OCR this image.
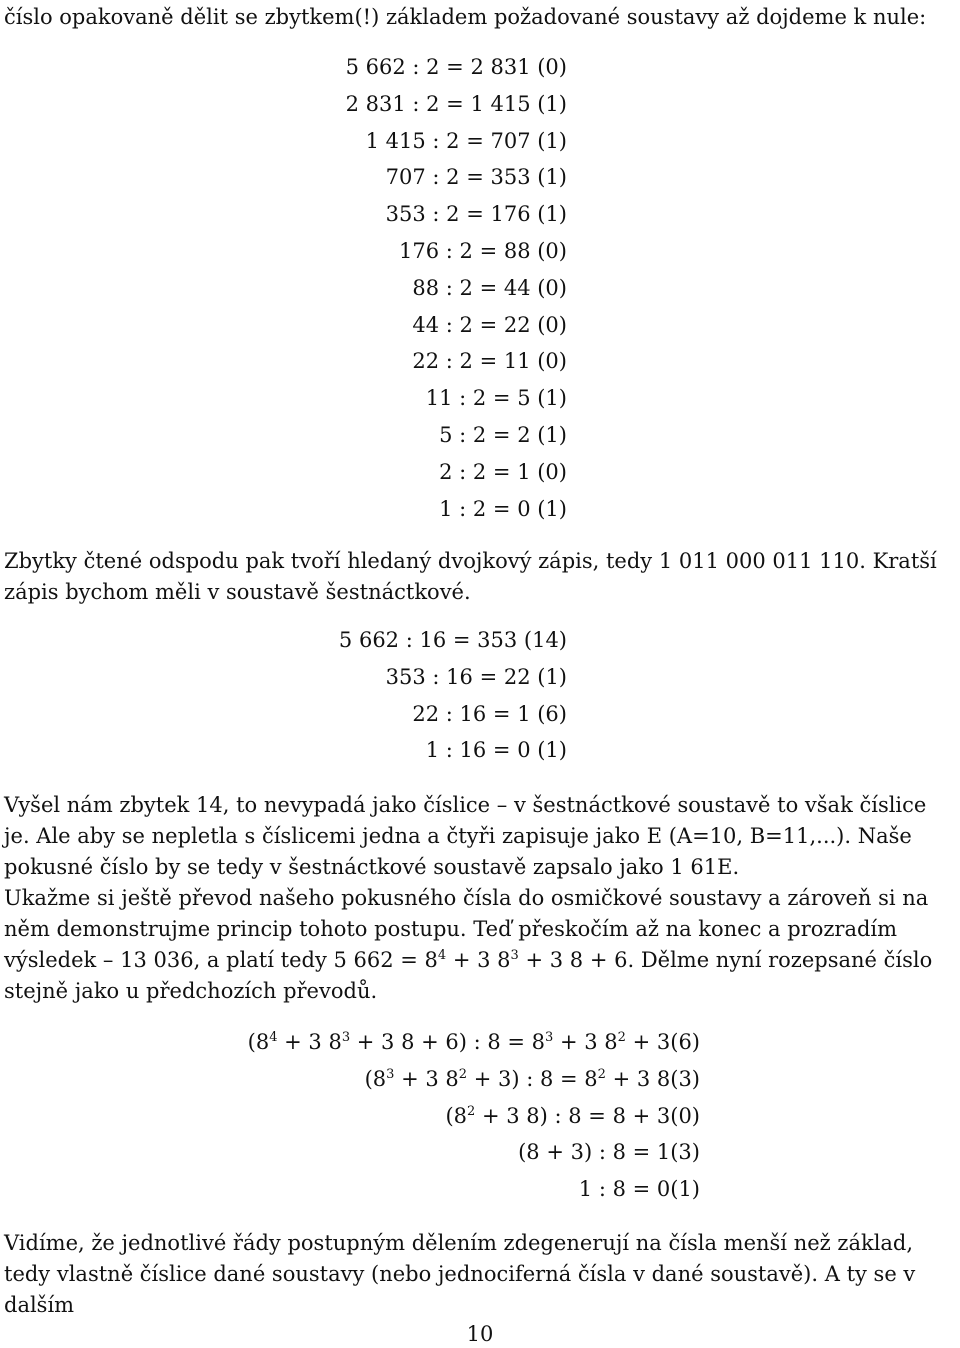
číslo opakovaně dělit se zbytkem(!) základem požadované soustavy až dojdeme k nule:

5 662 : 2 = 2 831 (0)
2 831 : 2 = 1 415 (1)
1 415 : 2 = 707 (1)
707 : 2 = 353 (1)
353 : 2 = 176 (1)
176 : 2 = 88 (0)
88 : 2 = 44 (0)
44 : 2 = 22 (0)
22 : 2 = 11 (0)
11 : 2 = 5 (1)
5 : 2 = 2 (1)
2 : 2 = 1 (0)
1 : 2 = 0 (1)

Zbytky čtené odspodu pak tvoří hledaný dvojkový zápis, tedy 1 011 000 011 110. Kratší zápis bychom měli v soustavě šestnáctkové.

5 662 : 16 = 353 (14)
353 : 16 = 22 (1)
22 : 16 = 1 (6)
1 : 16 = 0 (1)

Vyšel nám zbytek 14, to nevypadá jako číslice – v šestnáctkové soustavě to však číslice je. Ale aby se nepletla s číslicemi jedna a čtyři zapisuje jako E (A=10, B=11,...). Naše pokusné číslo by se tedy v šestnáctkové soustavě zapsalo jako 1 61E.

Ukažme si ještě převod našeho pokusného čísla do osmičkové soustavy a zároveň si na něm demonstrujme princip tohoto postupu. Teď přeskočím až na konec a prozradím výsledek – 13 036, a platí tedy 5 $662 = 8^4 + 3$ $8^3 + 3$ 8 + 6. Dělme nyní rozepsané číslo stejně jako u předchozích převodů.

($8^4 + 3$ $8^3 + 3$ 8 + 6) : $8 = 8^3 + 3$ $8^2 + 3(6)$
($8^3 + 3$ $8^2 + 3$) : $8 = 8^2 + 3$ 8(3)
($8^2 + 3$ 8) : 8 = 8 + 3(0)
(8 + 3) : 8 = 1(3)
1 : 8 = 0(1)

Vidíme, že jednotlivé řády postupným dělením zdegenerují na čísla menší než základ, tedy vlastně číslice dané soustavy (nebo jednociferná čísla v dané soustavě). A ty se v dalším

10
